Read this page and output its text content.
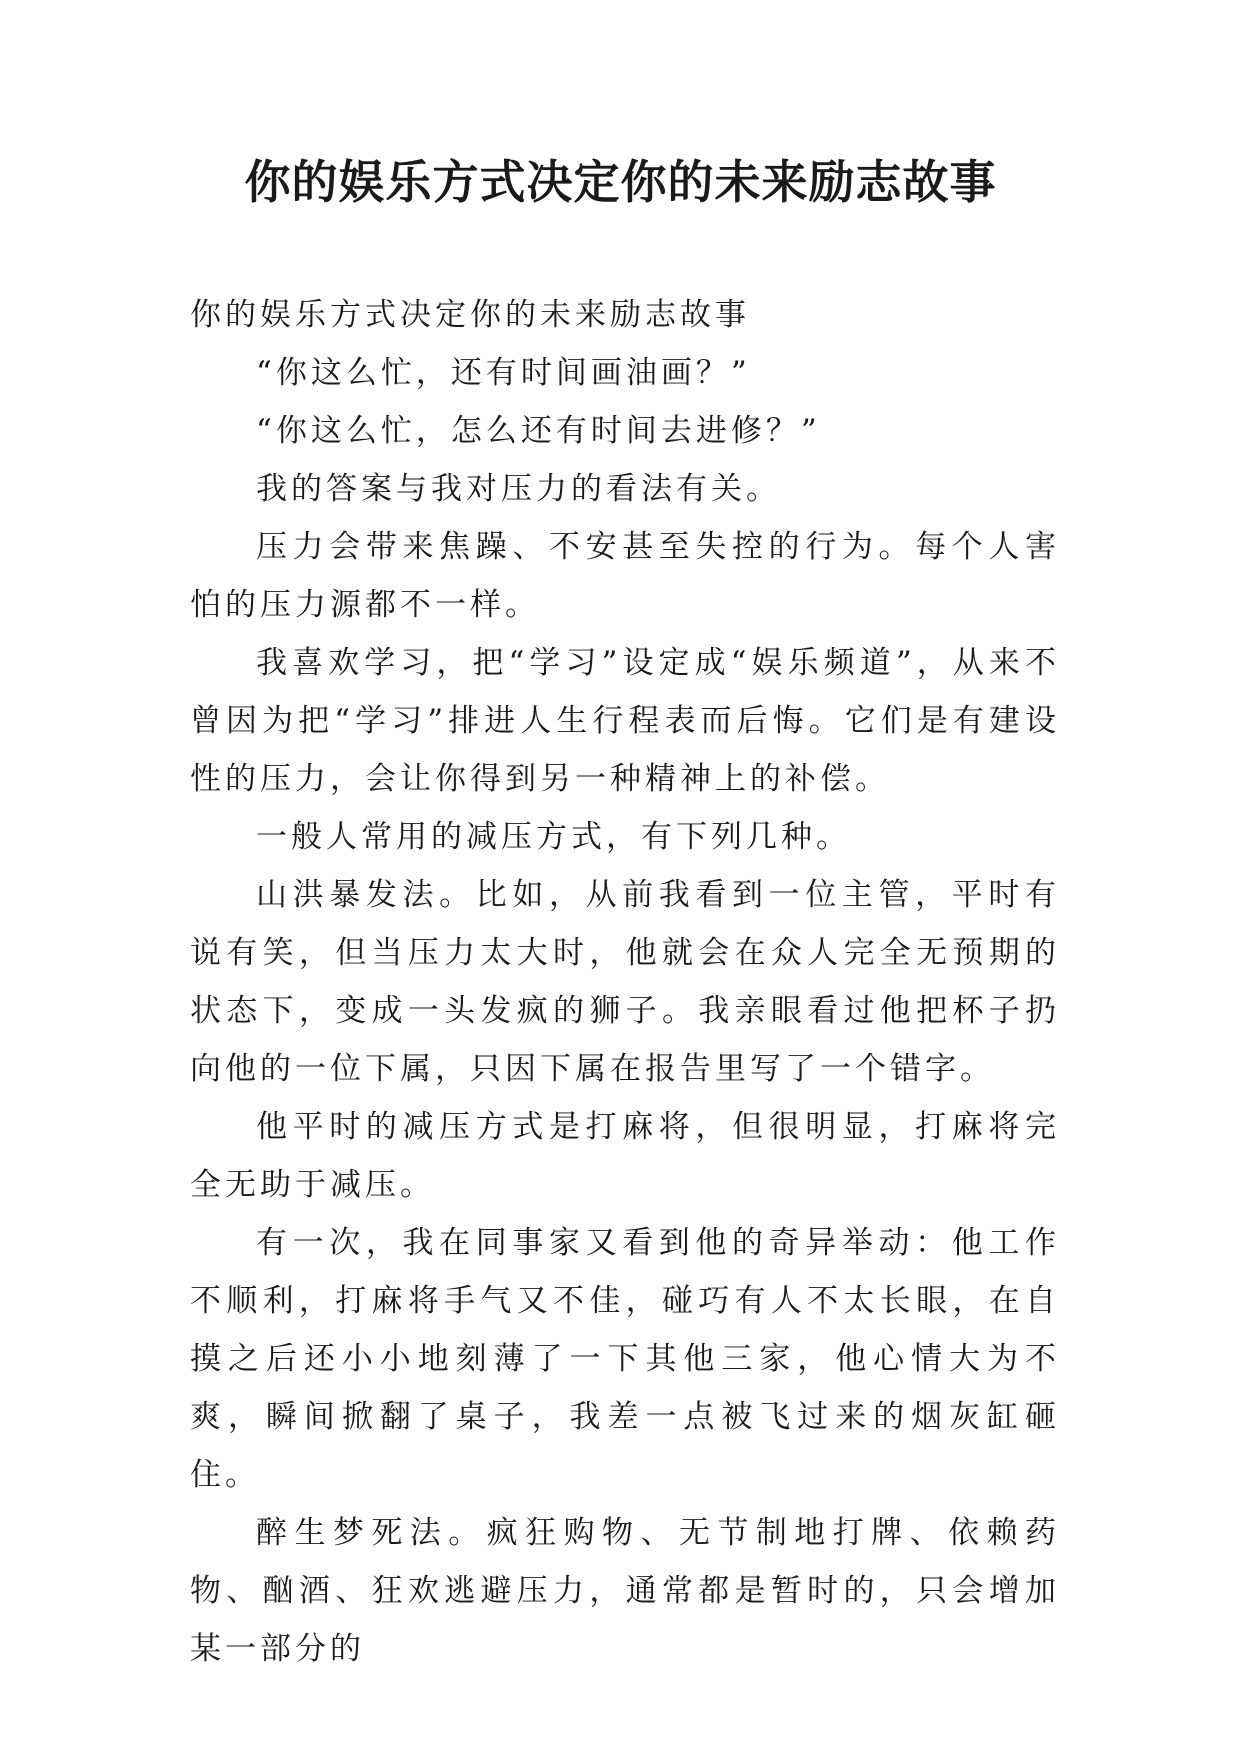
你的娱乐方式决定你的未来励志故事

你的娱乐方式决定你的未来励志故事

“你这么忙，还有时间画油画？”

“你这么忙，怎么还有时间去进修？”

我的答案与我对压力的看法有关。

压力会带来焦躁、不安甚至失控的行为。每个人害怕的压力源都不一样。

我喜欢学习，把“学习”设定成“娱乐频道”，从来不曾因为把“学习”排进人生行程表而后悔。它们是有建设性的压力，会让你得到另一种精神上的补偿。

一般人常用的减压方式，有下列几种。

山洪暴发法。比如，从前我看到一位主管，平时有说有笑，但当压力太大时，他就会在众人完全无预期的状态下，变成一头发疯的狮子。我亲眼看过他把杯子扔向他的一位下属，只因下属在报告里写了一个错字。

他平时的减压方式是打麻将，但很明显，打麻将完全无助于减压。

有一次，我在同事家又看到他的奇异举动：他工作不顺利，打麻将手气又不佳，碰巧有人不太长眼，在自摸之后还小小地刻薄了一下其他三家，他心情大为不爽，瞬间掀翻了桌子，我差一点被飞过来的烟灰缸砸住。

醉生梦死法。疯狂购物、无节制地打牌、依赖药物、酗酒、狂欢逃避压力，通常都是暂时的，只会增加某一部分的
